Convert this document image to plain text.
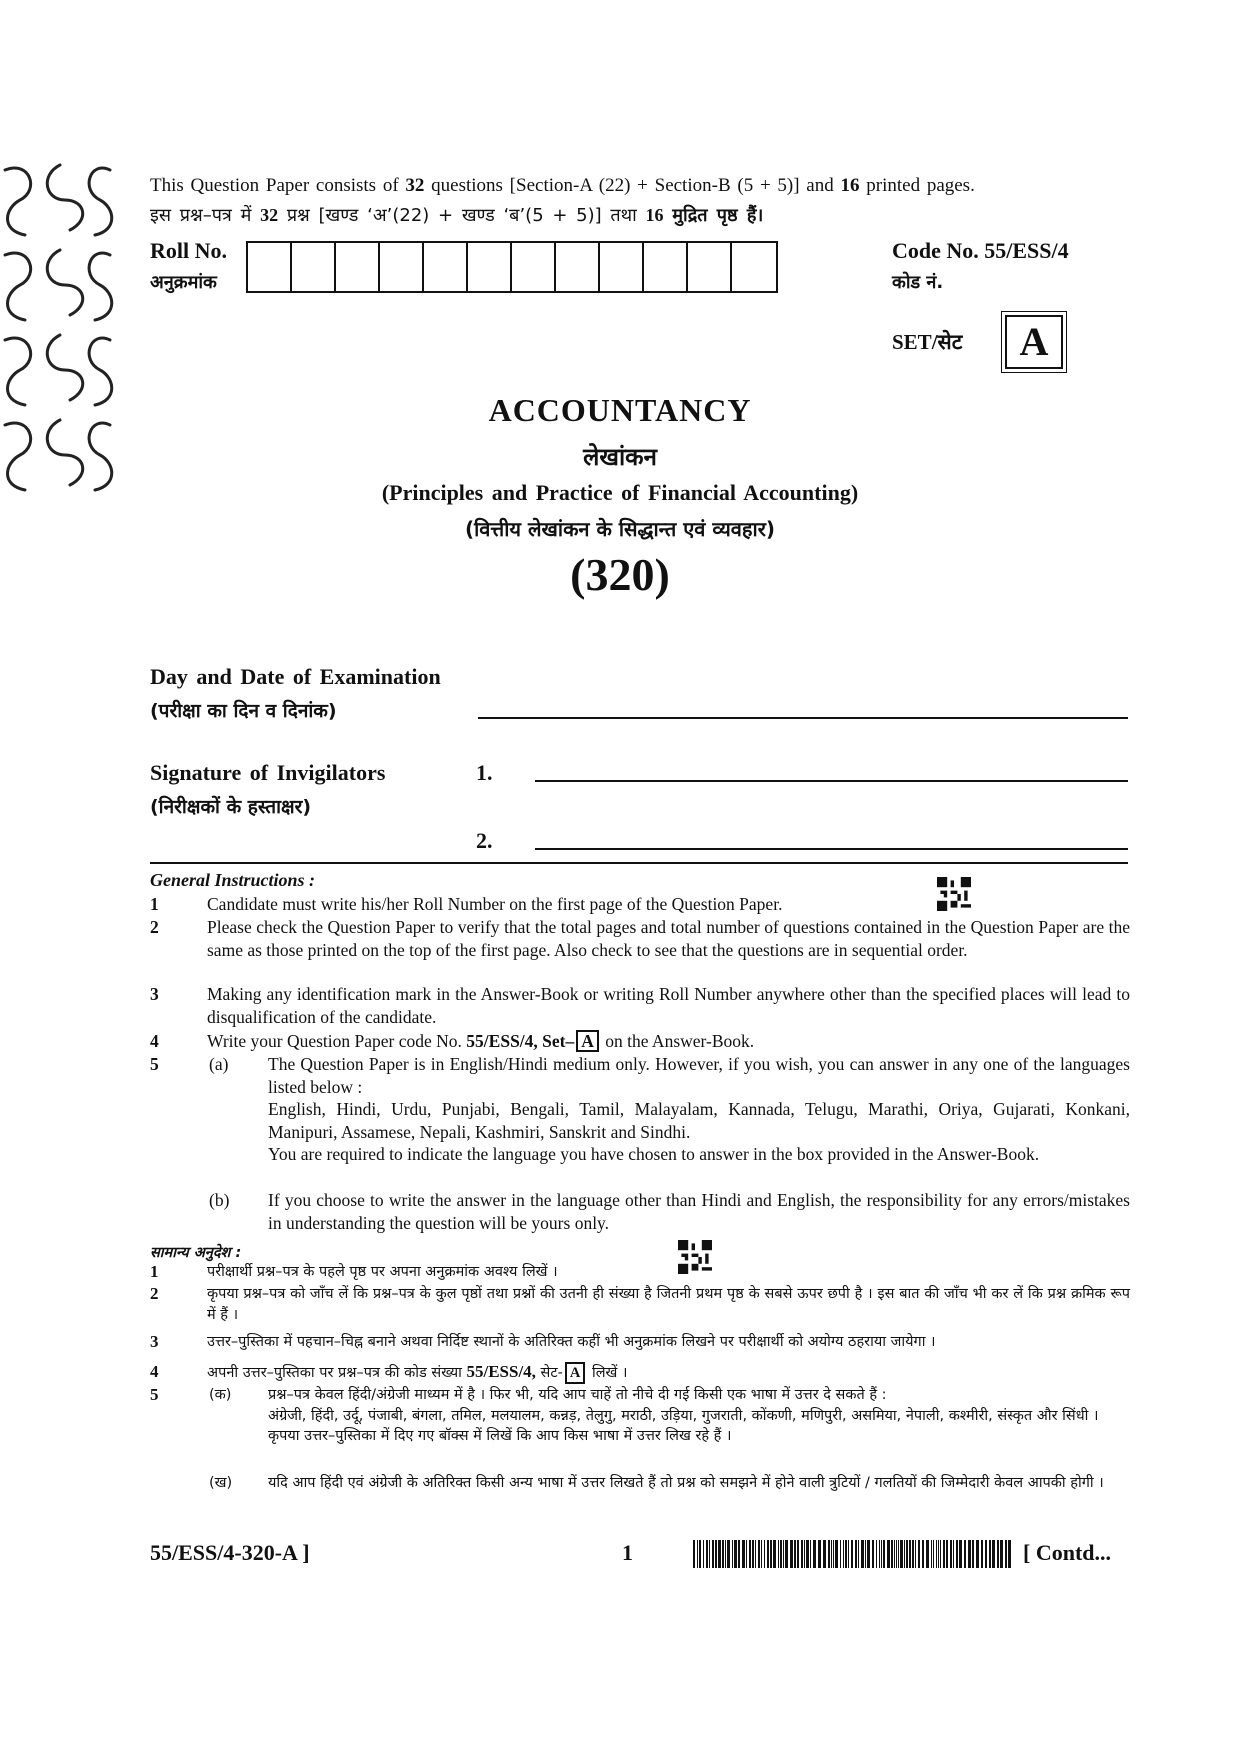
This Question Paper consists of 32 questions [Section-A (22) + Section-B (5 + 5)] and 16 printed pages.
इस प्रश्न–पत्र में 32 प्रश्न [खण्ड ‘अ’(22) + खण्ड ‘ब’(5 + 5)] तथा 16 मुद्रित पृष्ठ हैं।
Roll No.
अनुक्रमांक
Code No. 55/ESS/4
कोड नं.
SET/सेट	A
ACCOUNTANCY
लेखांकन
(Principles and Practice of Financial Accounting)
(वित्तीय लेखांकन के सिद्धान्त एवं व्यवहार)
(320)
Day and Date of Examination
(परीक्षा का दिन व दिनांक)
Signature of Invigilators
(निरीक्षकों के हस्ताक्षर)
1.
2.
General Instructions :
1	Candidate must write his/her Roll Number on the first page of the Question Paper.
2	Please check the Question Paper to verify that the total pages and total number of questions contained in the Question Paper are the same as those printed on the top of the first page. Also check to see that the questions are in sequential order.
3	Making any identification mark in the Answer-Book or writing Roll Number anywhere other than the specified places will lead to disqualification of the candidate.
4	Write your Question Paper code No. 55/ESS/4, Set– A on the Answer-Book.
5	(a) The Question Paper is in English/Hindi medium only. However, if you wish, you can answer in any one of the languages listed below :
English, Hindi, Urdu, Punjabi, Bengali, Tamil, Malayalam, Kannada, Telugu, Marathi, Oriya, Gujarati, Konkani, Manipuri, Assamese, Nepali, Kashmiri, Sanskrit and Sindhi.
You are required to indicate the language you have chosen to answer in the box provided in the Answer-Book.
(b) If you choose to write the answer in the language other than Hindi and English, the responsibility for any errors/mistakes in understanding the question will be yours only.
सामान्य अनुदेश :
1	परीक्षार्थी प्रश्न–पत्र के पहले पृष्ठ पर अपना अनुक्रमांक अवश्य लिखें ।
2	कृपया प्रश्न–पत्र को जाँच लें कि प्रश्न–पत्र के कुल पृष्ठों तथा प्रश्नों की उतनी ही संख्या है जितनी प्रथम पृष्ठ के सबसे ऊपर छपी है । इस बात की जाँच भी कर लें कि प्रश्न क्रमिक रूप में हैं ।
3	उत्तर–पुस्तिका में पहचान–चिह्न बनाने अथवा निर्दिष्ट स्थानों के अतिरिक्त कहीं भी अनुक्रमांक लिखने पर परीक्षार्थी को अयोग्य ठहराया जायेगा ।
4	अपनी उत्तर–पुस्तिका पर प्रश्न–पत्र की कोड संख्या 55/ESS/4, सेट- A लिखें ।
5	(क)	प्रश्न–पत्र केवल हिंदी/अंग्रेजी माध्यम में है । फिर भी, यदि आप चाहें तो नीचे दी गई किसी एक भाषा में उत्तर दे सकते हैं :
अंग्रेजी, हिंदी, उर्दू, पंजाबी, बंगला, तमिल, मलयालम, कन्नड़, तेलुगु, मराठी, उड़िया, गुजराती, कोंकणी, मणिपुरी, असमिया, नेपाली, कश्मीरी, संस्कृत और सिंधी ।
कृपया उत्तर–पुस्तिका में दिए गए बॉक्स में लिखें कि आप किस भाषा में उत्तर लिख रहे हैं ।
(ख) यदि आप हिंदी एवं अंग्रेजी के अतिरिक्त किसी अन्य भाषा में उत्तर लिखते हैं तो प्रश्न को समझने में होने वाली त्रुटियों / गलतियों की जिम्मेदारी केवल आपकी होगी ।
55/ESS/4-320-A ]	1	[ Contd...
